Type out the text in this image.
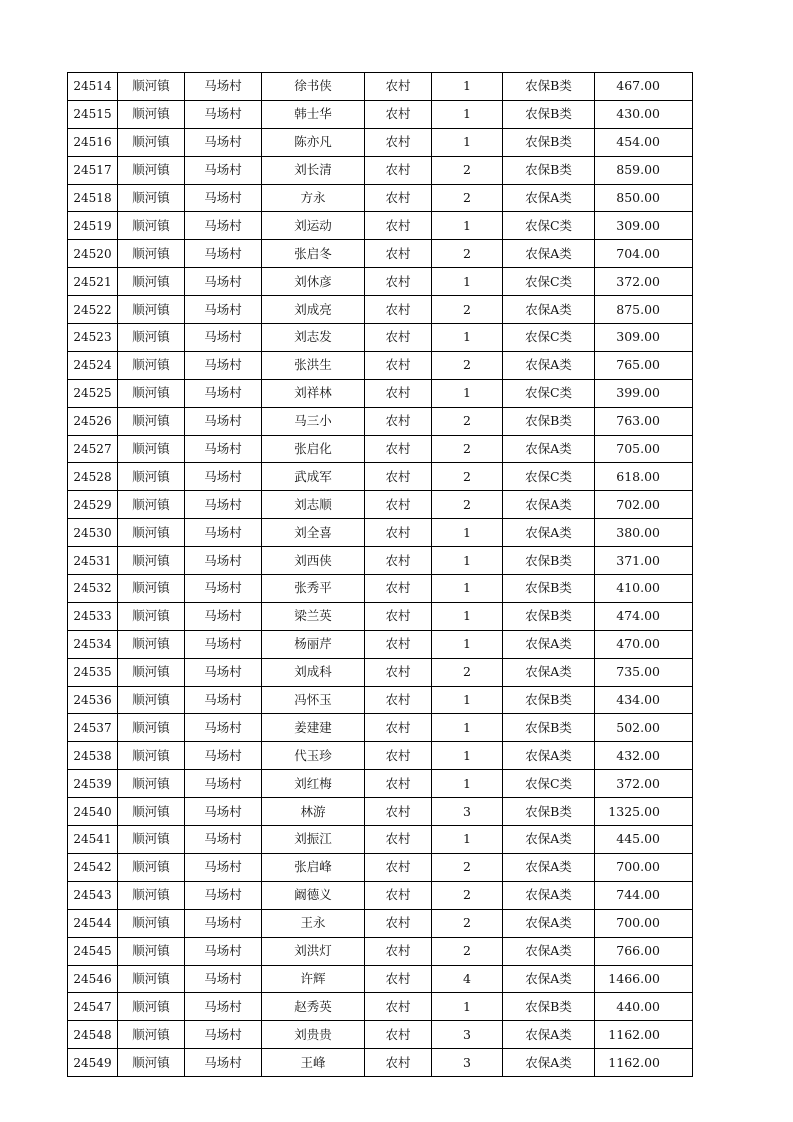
24514	顺河镇	马场村	徐书侠	农村	1	农保B类	467.00
24515	顺河镇	马场村	韩士华	农村	1	农保B类	430.00
24516	顺河镇	马场村	陈亦凡	农村	1	农保B类	454.00
24517	顺河镇	马场村	刘长清	农村	2	农保B类	859.00
24518	顺河镇	马场村	方永	农村	2	农保A类	850.00
24519	顺河镇	马场村	刘运动	农村	1	农保C类	309.00
24520	顺河镇	马场村	张启冬	农村	2	农保A类	704.00
24521	顺河镇	马场村	刘休彦	农村	1	农保C类	372.00
24522	顺河镇	马场村	刘成亮	农村	2	农保A类	875.00
24523	顺河镇	马场村	刘志发	农村	1	农保C类	309.00
24524	顺河镇	马场村	张洪生	农村	2	农保A类	765.00
24525	顺河镇	马场村	刘祥林	农村	1	农保C类	399.00
24526	顺河镇	马场村	马三小	农村	2	农保B类	763.00
24527	顺河镇	马场村	张启化	农村	2	农保A类	705.00
24528	顺河镇	马场村	武成军	农村	2	农保C类	618.00
24529	顺河镇	马场村	刘志顺	农村	2	农保A类	702.00
24530	顺河镇	马场村	刘全喜	农村	1	农保A类	380.00
24531	顺河镇	马场村	刘西侠	农村	1	农保B类	371.00
24532	顺河镇	马场村	张秀平	农村	1	农保B类	410.00
24533	顺河镇	马场村	梁兰英	农村	1	农保B类	474.00
24534	顺河镇	马场村	杨丽芹	农村	1	农保A类	470.00
24535	顺河镇	马场村	刘成科	农村	2	农保A类	735.00
24536	顺河镇	马场村	冯怀玉	农村	1	农保B类	434.00
24537	顺河镇	马场村	姜建建	农村	1	农保B类	502.00
24538	顺河镇	马场村	代玉珍	农村	1	农保A类	432.00
24539	顺河镇	马场村	刘红梅	农村	1	农保C类	372.00
24540	顺河镇	马场村	林游	农村	3	农保B类	1325.00
24541	顺河镇	马场村	刘振江	农村	1	农保A类	445.00
24542	顺河镇	马场村	张启峰	农村	2	农保A类	700.00
24543	顺河镇	马场村	阚德义	农村	2	农保A类	744.00
24544	顺河镇	马场村	王永	农村	2	农保A类	700.00
24545	顺河镇	马场村	刘洪灯	农村	2	农保A类	766.00
24546	顺河镇	马场村	许辉	农村	4	农保A类	1466.00
24547	顺河镇	马场村	赵秀英	农村	1	农保B类	440.00
24548	顺河镇	马场村	刘贵贵	农村	3	农保A类	1162.00
24549	顺河镇	马场村	王峰	农村	3	农保A类	1162.00
